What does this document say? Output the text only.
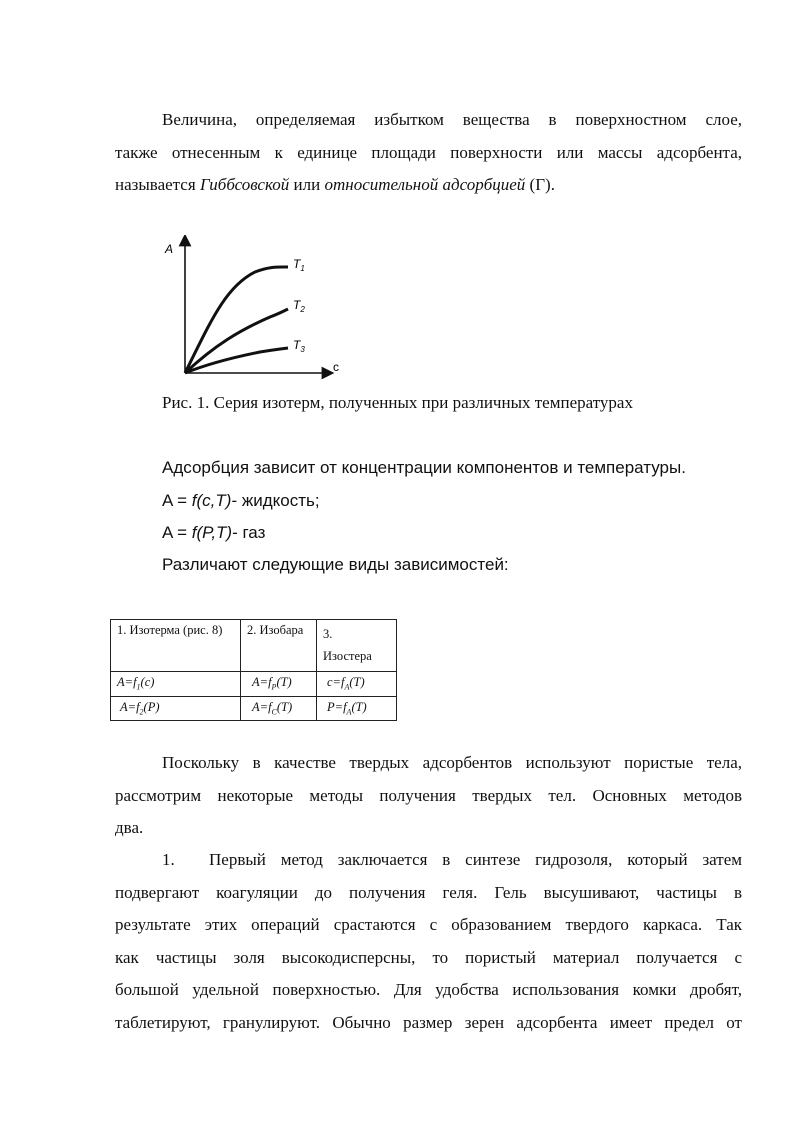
Величина, определяемая избытком вещества в поверхностном слое,
также отнесенным к единице площади поверхности или массы адсорбента,
называется Гиббсовской или относительной адсорбцией (Г).
A
c
$T_1$
$T_2$
$T_3$
Рис. 1. Серия изотерм, полученных при различных температурах
Адсорбция зависит от концентрации компонентов и температуры.
A = f(c,T)- жидкость;
A = f(P,T)- газ
Различают следующие виды зависимостей:
1. Изотерма (рис. 8)	2. Изобара	3.
Изостера
$A=f_1(c)$	$A=f_P(T)$	$c=f_A(T)$
$A=f_2(P)$	$A=f_C(T)$	$P=f_A(T)$
Поскольку в качестве твердых адсорбентов используют пористые тела,
рассмотрим некоторые методы получения твердых тел. Основных методов
два.
1.	Первый метод заключается в синтезе гидрозоля, который затем
подвергают коагуляции до получения геля. Гель высушивают, частицы в
результате этих операций срастаются с образованием твердого каркаса. Так
как частицы золя высокодисперсны, то пористый материал получается с
большой удельной поверхностью. Для удобства использования комки дробят,
таблетируют, гранулируют. Обычно размер зерен адсорбента имеет предел от
